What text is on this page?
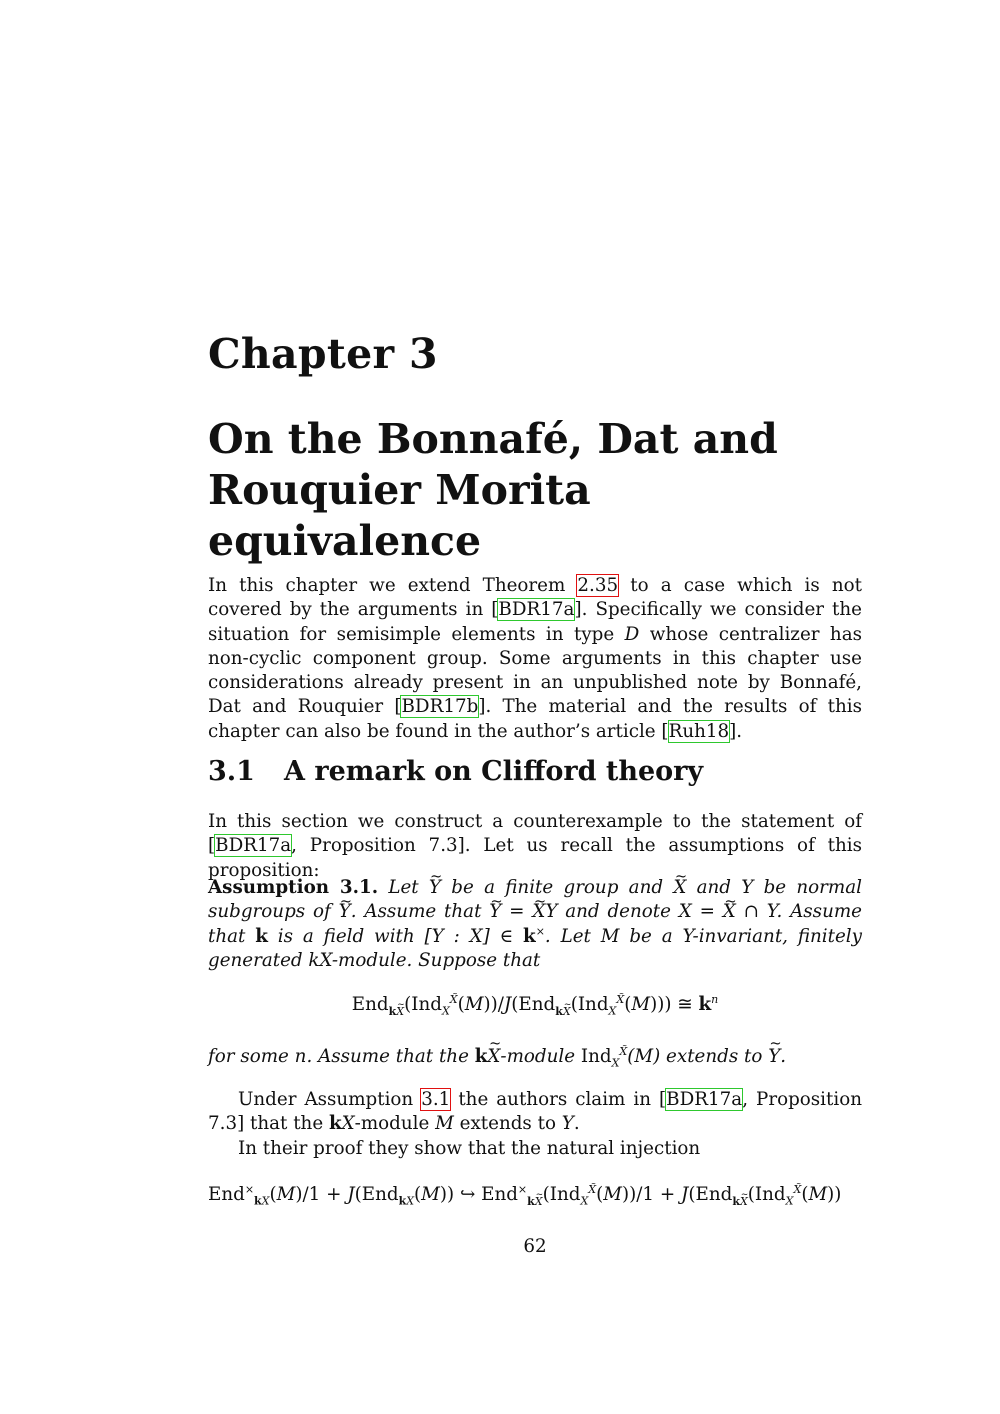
Chapter 3
On the Bonnafé, Dat and Rouquier Morita equivalence
In this chapter we extend Theorem 2.35 to a case which is not covered by the arguments in [BDR17a]. Specifically we consider the situation for semisimple elements in type D whose centralizer has non-cyclic component group. Some arguments in this chapter use considerations already present in an unpublished note by Bonnafé, Dat and Rouquier [BDR17b]. The material and the results of this chapter can also be found in the author’s article [Ruh18].
3.1 A remark on Clifford theory
In this section we construct a counterexample to the statement of [BDR17a, Proposition 7.3]. Let us recall the assumptions of this proposition:
Assumption 3.1. Let ~ Y be a finite group and ~ X and Y be normal subgroups of ~ Y. Assume that ~ Y = ~ XY and denote X = ~ X ∩ Y. Assume that k is a field with [Y : X] ∈ k×. Let M be a Y-invariant, finitely generated kX-module. Suppose that
End$_{kX}$(Ind$_X^{X̃}$(M))/J(End$_{kX}$(Ind$_X^{X̃}$(M))) ≅ $k^n$
for some n. Assume that the k~ X-module Ind$_X^{X̃}$(M) extends to ~ Y.

Under Assumption 3.1 the authors claim in [BDR17a, Proposition 7.3] that the kX-module M extends to Y.

In their proof they show that the natural injection

End×$_{kX}$(M)/1 + J(End$_{kX}$(M)) ↪ End×$_{kX}$(Ind$_X^{X̃}$(M))/1 + J(End$_{kX}$(Ind$_X^{X̃}$(M))
62
